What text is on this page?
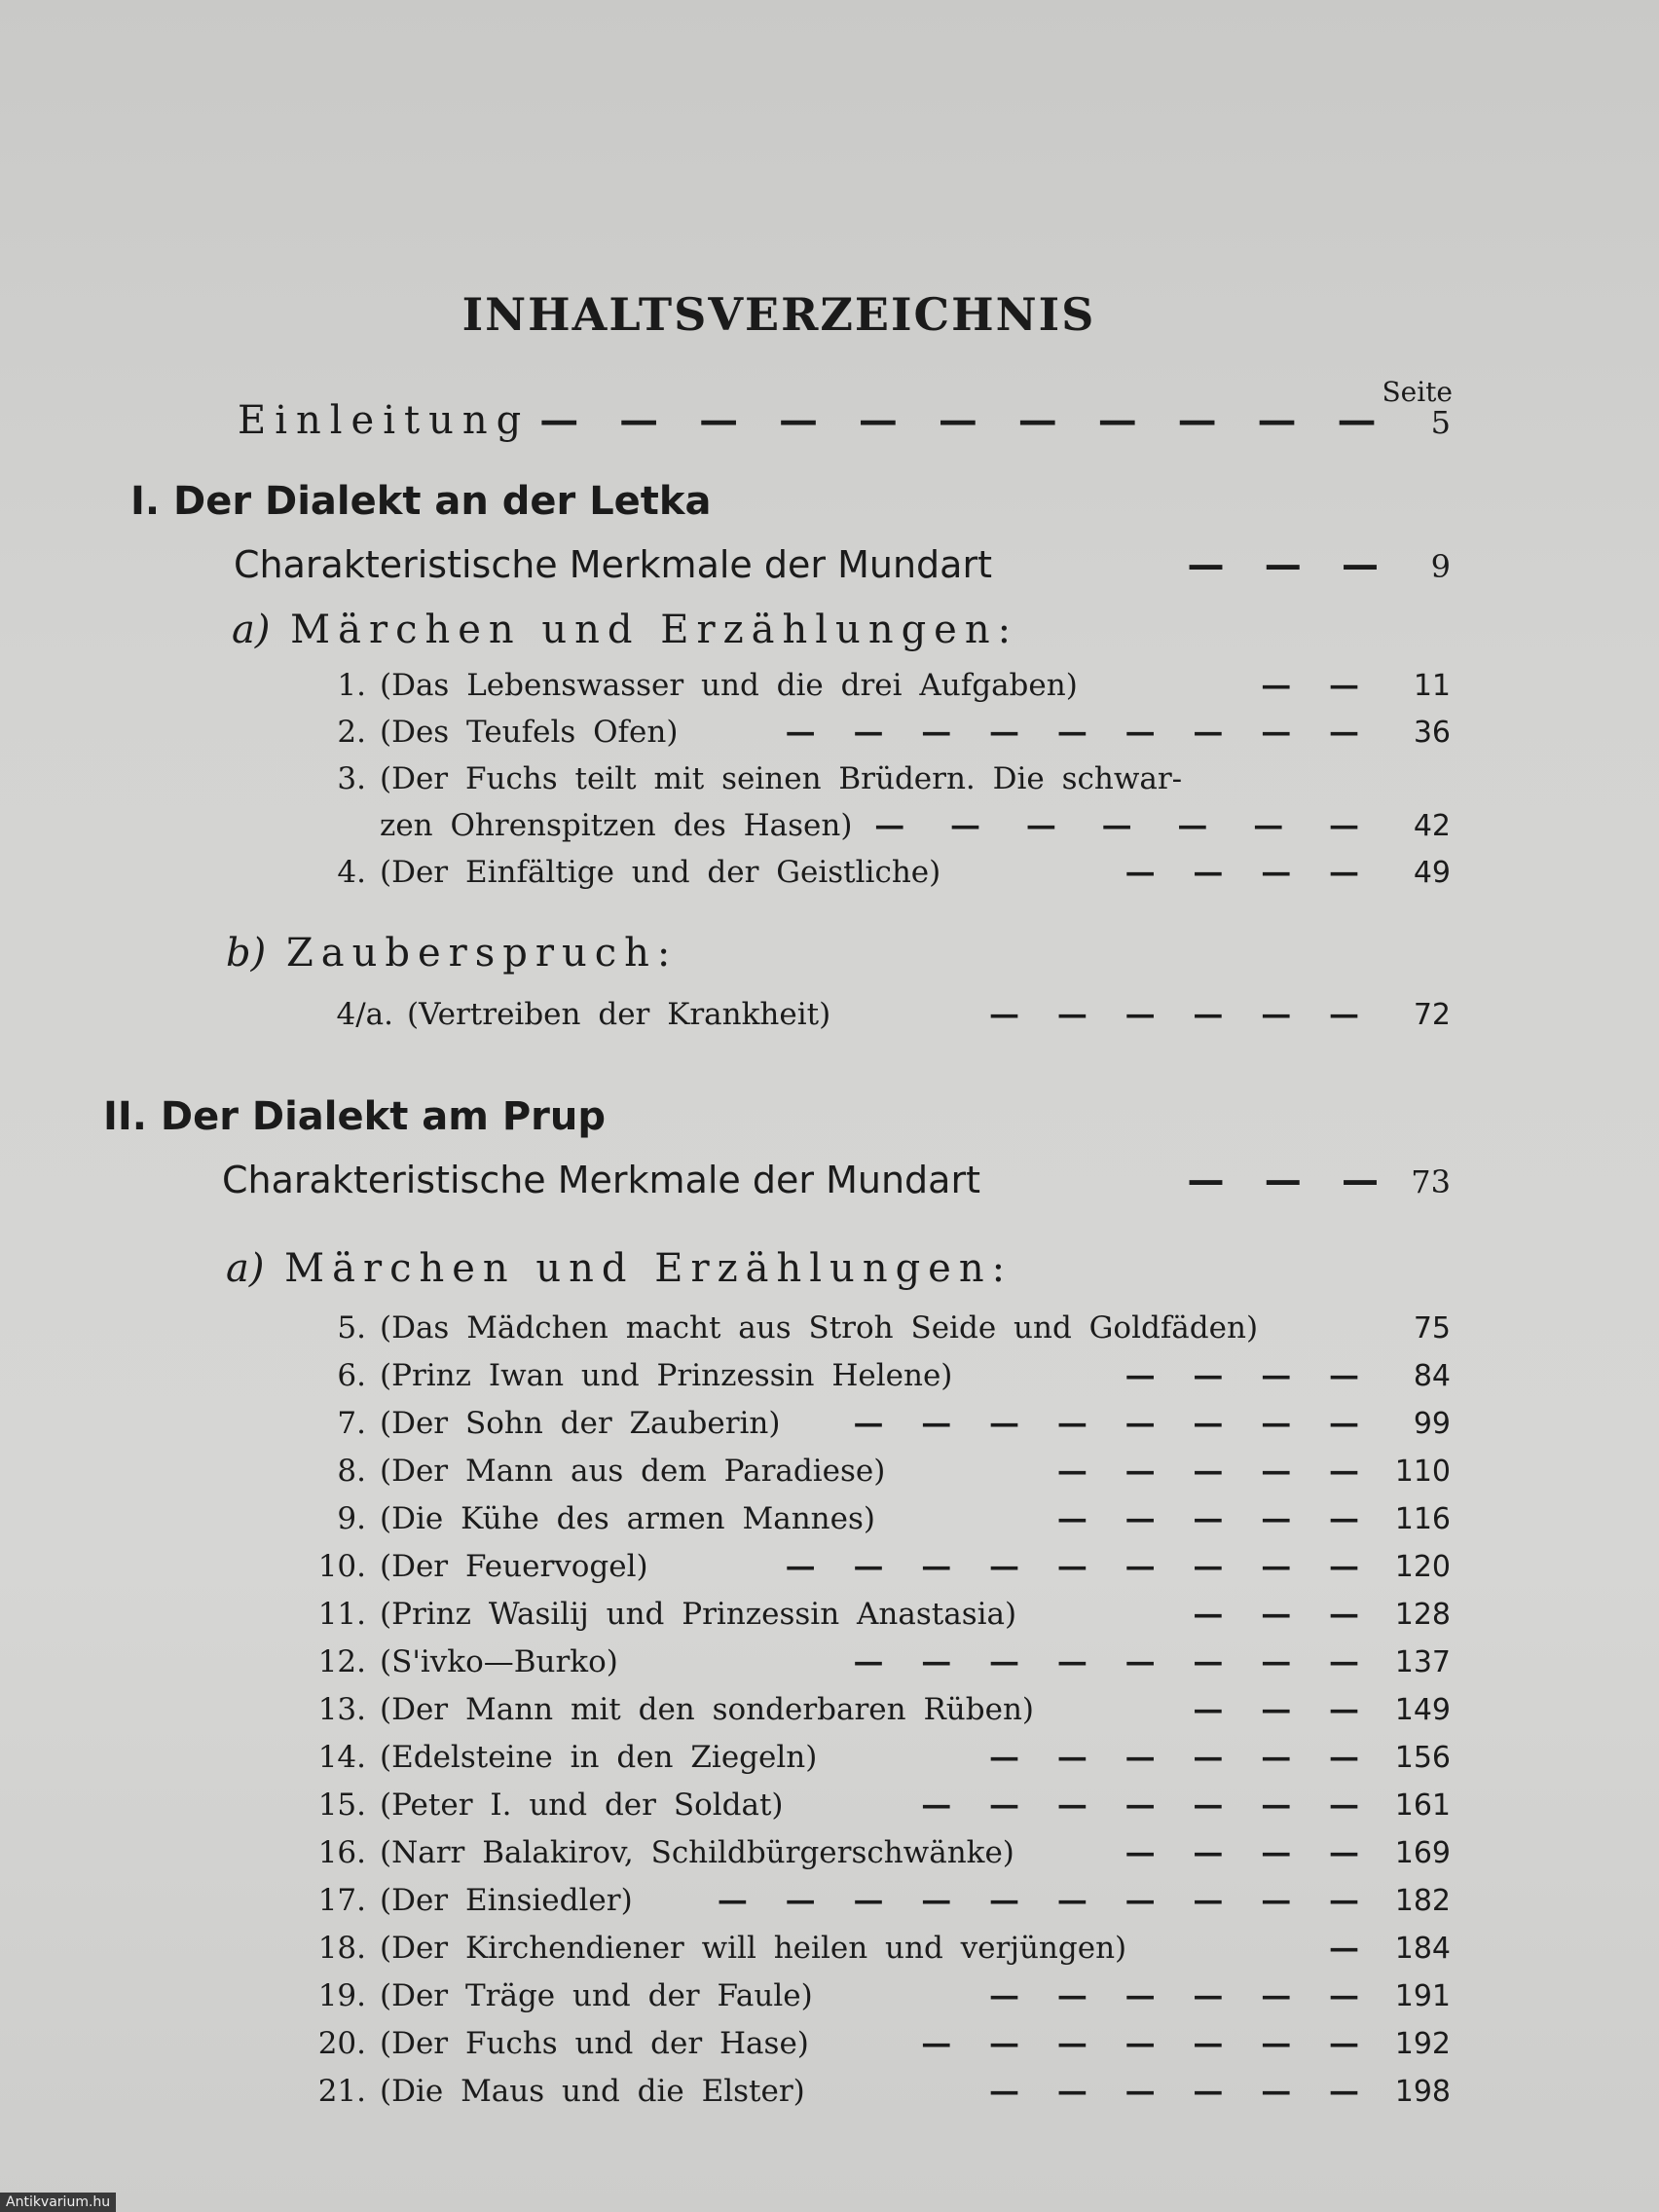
INHALTSVERZEICHNIS
Seite
Einleitung — — — — — — — — — — —	5
I. Der Dialekt an der Letka
Charakteristische Merkmale der Mundart	— — —	9
a) Märchen und Erzählungen:
1. (Das Lebenswasser und die drei Aufgaben)	— —	11
2. (Des Teufels Ofen)	— — — — — — — — —	36
3. (Der Fuchs teilt mit seinen Brüdern. Die schwar-
zen Ohrenspitzen des Hasen) — — — — — — —	42
4. (Der Einfältige und der Geistliche)	— — — —	49
b) Zauberspruch:
4/a. (Vertreiben der Krankheit)	— — — — — —	72
II. Der Dialekt am Prup
Charakteristische Merkmale der Mundart	— — — 73
a) Märchen und Erzählungen:
5. (Das Mädchen macht aus Stroh Seide und Goldfäden)	75
6. (Prinz Iwan und Prinzessin Helene)	— — — —	84
7. (Der Sohn der Zauberin)	— — — — — — — —	99
8. (Der Mann aus dem Paradiese)	— — — — — 110
9. (Die Kühe des armen Mannes)	— — — — — 116
10. (Der Feuervogel)	— — — — — — — — — 120
11. (Prinz Wasilij und Prinzessin Anastasia)	— — — 128
12. (S'ivko—Burko)	— — — — — — — — 137
13. (Der Mann mit den sonderbaren Rüben)	— — — 149
14. (Edelsteine in den Ziegeln)	— — — — — — 156
15. (Peter I. und der Soldat)	— — — — — — — 161
16. (Narr Balakirov, Schildbürgerschwänke)	— — — — 169
17. (Der Einsiedler)	— — — — — — — — — — 182
18. (Der Kirchendiener will heilen und verjüngen)	— 184
19. (Der Träge und der Faule)	— — — — — — 191
20. (Der Fuchs und der Hase)	— — — — — — — 192
21. (Die Maus und die Elster)	— — — — — — 198
Antikvarium.hu
